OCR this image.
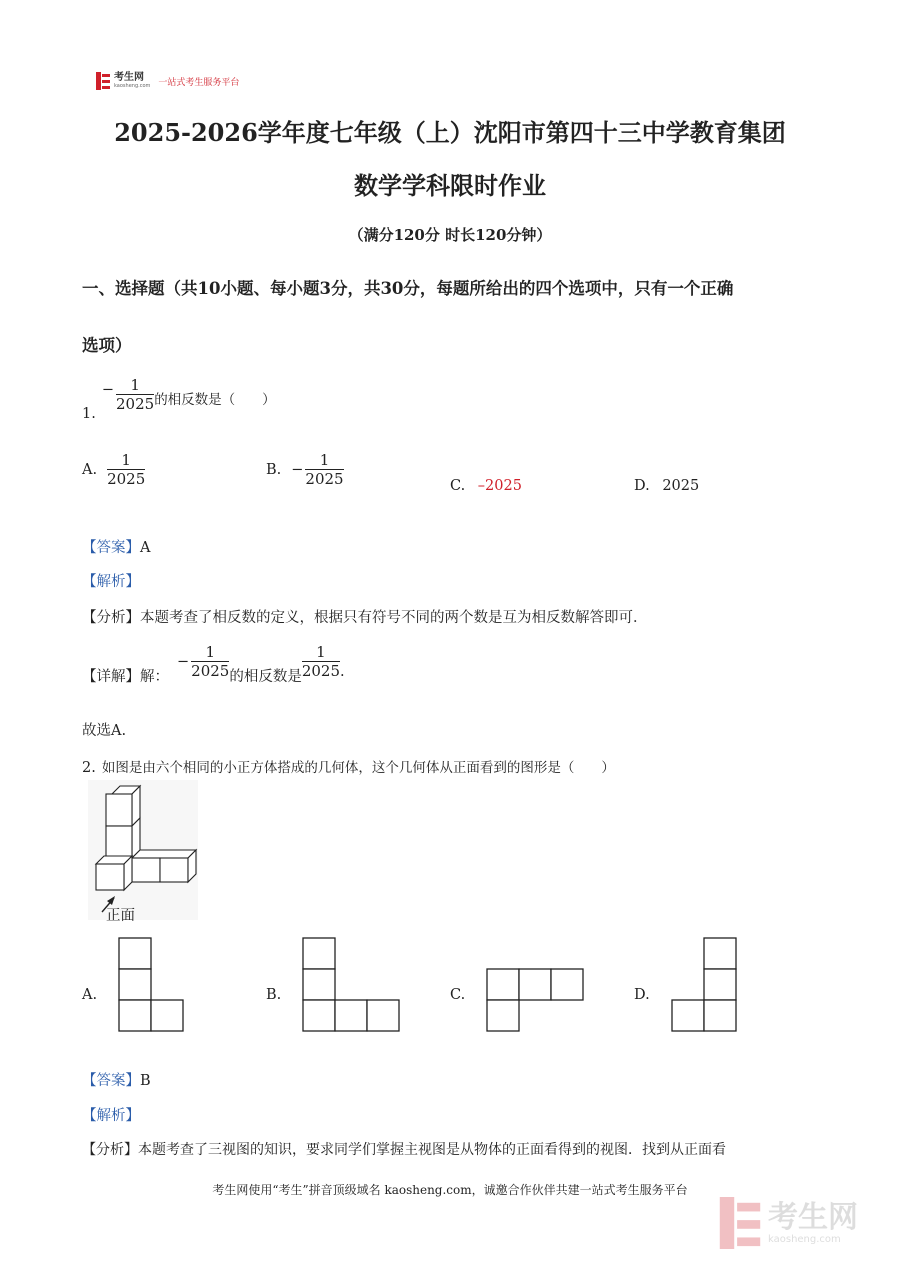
考生网
kaosheng.com 一站式考生服务平台
2025-2026学年度七年级（上）沈阳市第四十三中学教育集团
数学学科限时作业
（满分120分 时长120分钟）
一、选择题（共10小题、每小题3分，共30分，每题所给出的四个选项中，只有一个正确
选项）
1.
− $\frac{1}{2025}$ 的相反数是（　　）
A. $\frac{1}{2025}$	B. − $\frac{1}{2025}$	C. –2025	D. 2025
【答案】A
【解析】
【分析】本题考查了相反数的定义，根据只有符号不同的两个数是互为相反数解答即可．
【详解】解：
− $\frac{1}{2025}$ 的相反数是 $\frac{1}{2025}$ .
故选A.
2. 如图是由六个相同的小正方体搭成的几何体，这个几何体从正面看到的图形是（　　）
正面
A.	B.	C.	D.
【答案】B
【解析】
【分析】本题考查了三视图的知识，要求同学们掌握主视图是从物体的正面看得到的视图．找到从正面看
考生网使用“考生”拼音顶级域名 kaosheng.com，诚邀合作伙伴共建一站式考生服务平台
考生网
kaosheng.com
